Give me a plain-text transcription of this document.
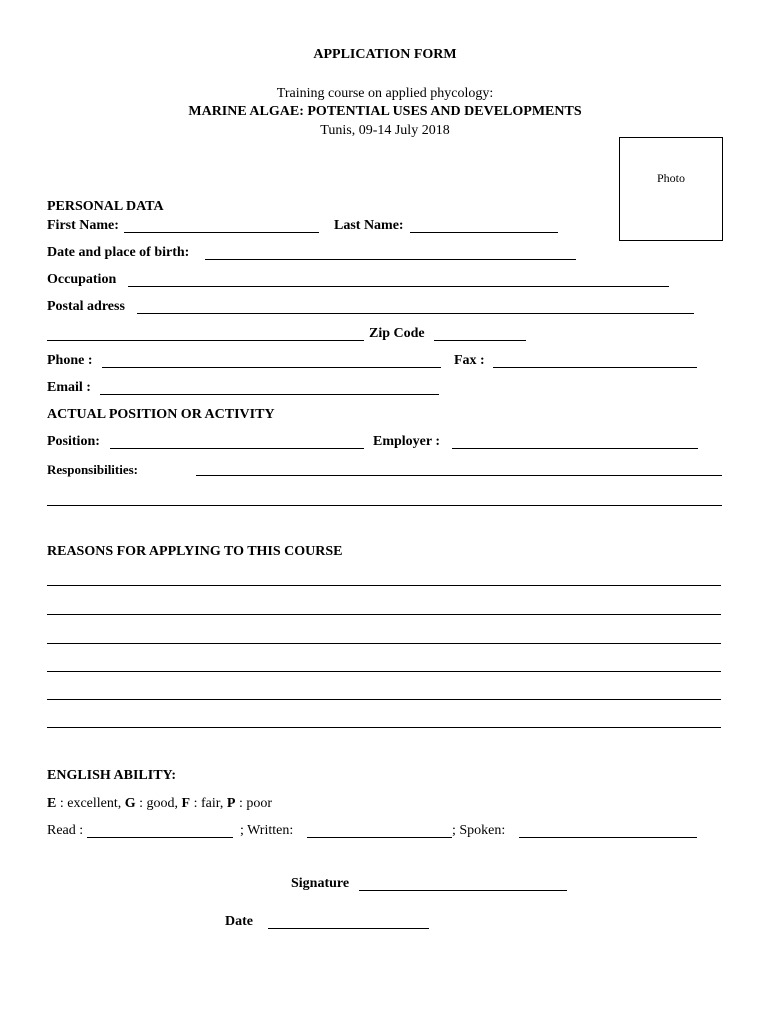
APPLICATION FORM
Training course on applied phycology:
MARINE ALGAE: POTENTIAL USES AND DEVELOPMENTS
Tunis, 09-14 July 2018
Photo
PERSONAL DATA
First Name:	Last Name:
Date and place of birth:
Occupation
Postal adress
Zip Code
Phone :	Fax :
Email :
ACTUAL POSITION OR ACTIVITY
Position:	Employer :
Responsibilities:
REASONS FOR APPLYING TO THIS COURSE
ENGLISH ABILITY:
E : excellent, G : good, F : fair, P : poor
Read :	; Written:	; Spoken:
Signature
Date
